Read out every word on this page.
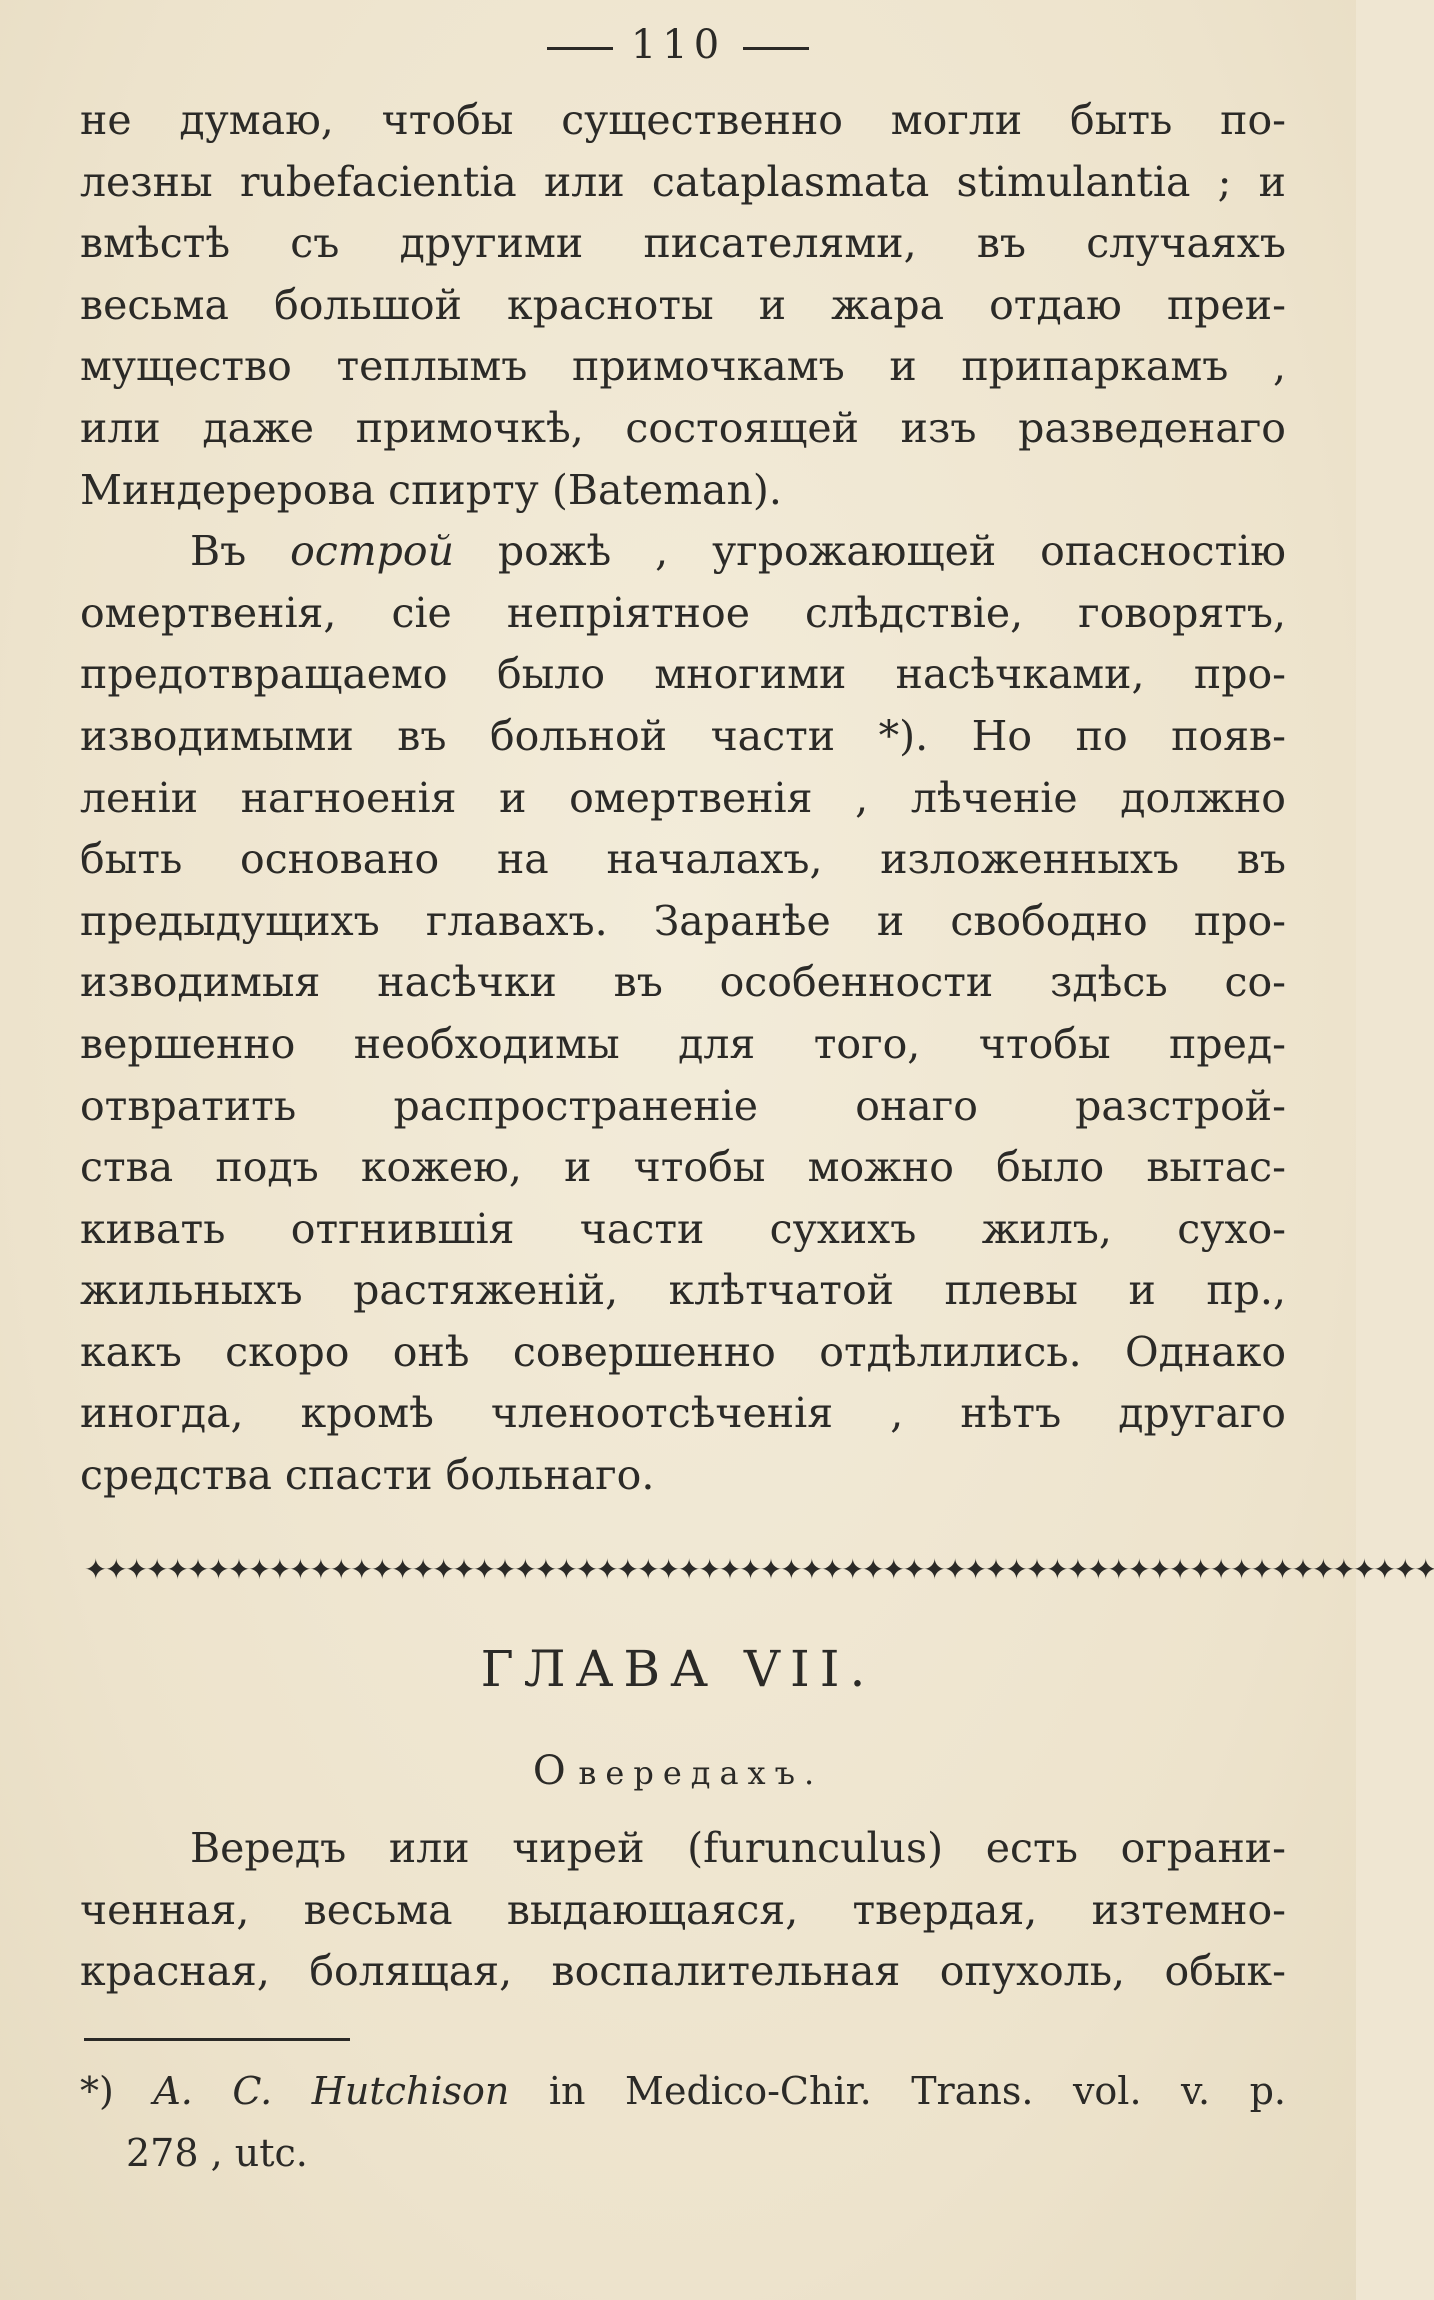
110
не думаю, чтобы существенно могли быть по-
лезны rubefacientia или cataplasmata stimulantia ; и
вмѣстѣ съ другими писателями, въ случаяхъ
весьма большой красноты и жара отдаю преи-
мущество теплымъ примочкамъ и припаркамъ ,
или даже примочкѣ, состоящей изъ разведенаго
Миндерерова спирту (Bateman).
Въ острой рожѣ , угрожающей опасностiю
омертвенiя, сiе непрiятное слѣдствiе, говорятъ,
предотвращаемо было многими насѣчками, про-
изводимыми въ больной части *). Но по появ-
ленiи нагноенiя и омертвенiя , лѣченiе должно
быть основано на началахъ, изложенныхъ въ
предыдущихъ главахъ. Заранѣе и свободно про-
изводимыя насѣчки въ особенности здѣсь со-
вершенно необходимы для того, чтобы пред-
отвратить распространенiе онаго разстрой-
ства подъ кожею, и чтобы можно было вытас-
кивать отгнившiя части сухихъ жилъ, сухо-
жильныхъ растяженiй, клѣтчатой плевы и пр.,
какъ скоро онѣ совершенно отдѣлились. Однако
иногда, кромѣ членоотсѣченiя , нѣтъ другаго
средства спасти больнаго.
✦✦✦✦✦✦✦✦✦✦✦✦✦✦✦✦✦✦✦✦✦✦✦✦✦✦✦✦✦✦✦✦✦✦✦✦✦✦✦✦✦✦✦✦✦✦✦✦✦✦✦✦✦✦✦✦✦✦✦✦✦✦✦✦✦✦
ГЛАВА VII.
О вередахъ.
Вередъ или чирей (furunculus) есть ограни-
ченная, весьма выдающаяся, твердая, изтемно-
красная, болящая, воспалительная опухоль, обык-
*) A. C. Hutchison in Medico-Chir. Trans. vol. v. p.
278 , utc.
